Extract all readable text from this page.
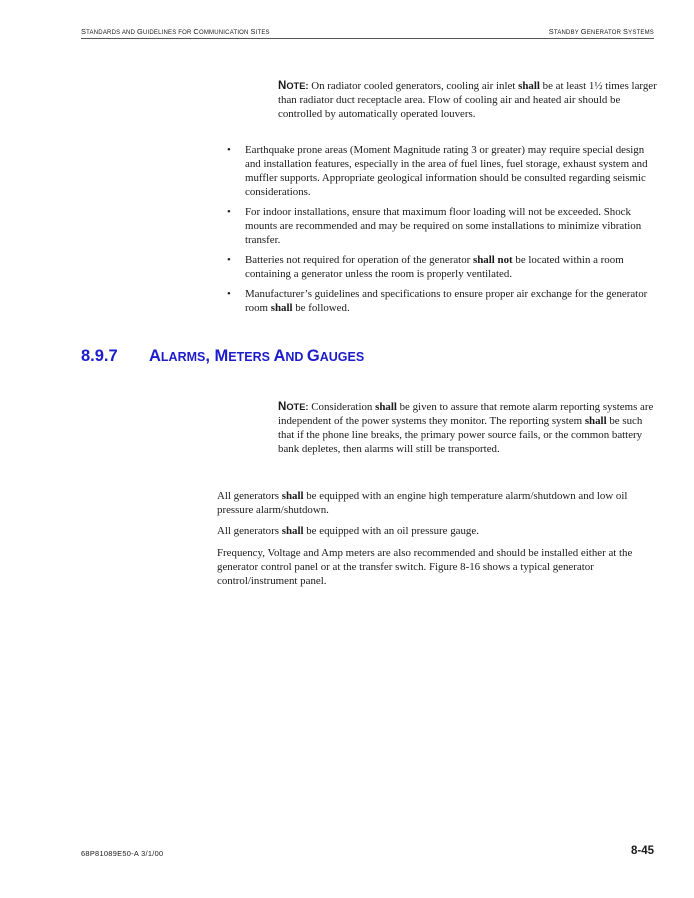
STANDARDS AND GUIDELINES FOR COMMUNICATION SITES	STANDBY GENERATOR SYSTEMS
NOTE: On radiator cooled generators, cooling air inlet shall be at least 1½ times larger than radiator duct receptacle area. Flow of cooling air and heated air should be controlled by automatically operated louvers.
• Earthquake prone areas (Moment Magnitude rating 3 or greater) may require special design and installation features, especially in the area of fuel lines, fuel storage, exhaust system and muffler supports. Appropriate geological information should be consulted regarding seismic considerations.
• For indoor installations, ensure that maximum floor loading will not be exceeded. Shock mounts are recommended and may be required on some installations to minimize vibration transfer.
• Batteries not required for operation of the generator shall not be located within a room containing a generator unless the room is properly ventilated.
• Manufacturer’s guidelines and specifications to ensure proper air exchange for the generator room shall be followed.
8.9.7 ALARMS, METERS AND GAUGES
NOTE: Consideration shall be given to assure that remote alarm reporting systems are independent of the power systems they monitor. The reporting system shall be such that if the phone line breaks, the primary power source fails, or the common battery bank depletes, then alarms will still be transported.

All generators shall be equipped with an engine high temperature alarm/shutdown and low oil pressure alarm/shutdown.

All generators shall be equipped with an oil pressure gauge.

Frequency, Voltage and Amp meters are also recommended and should be installed either at the generator control panel or at the transfer switch. Figure 8-16 shows a typical generator control/instrument panel.

68P81089E50-A 3/1/00	8-45
